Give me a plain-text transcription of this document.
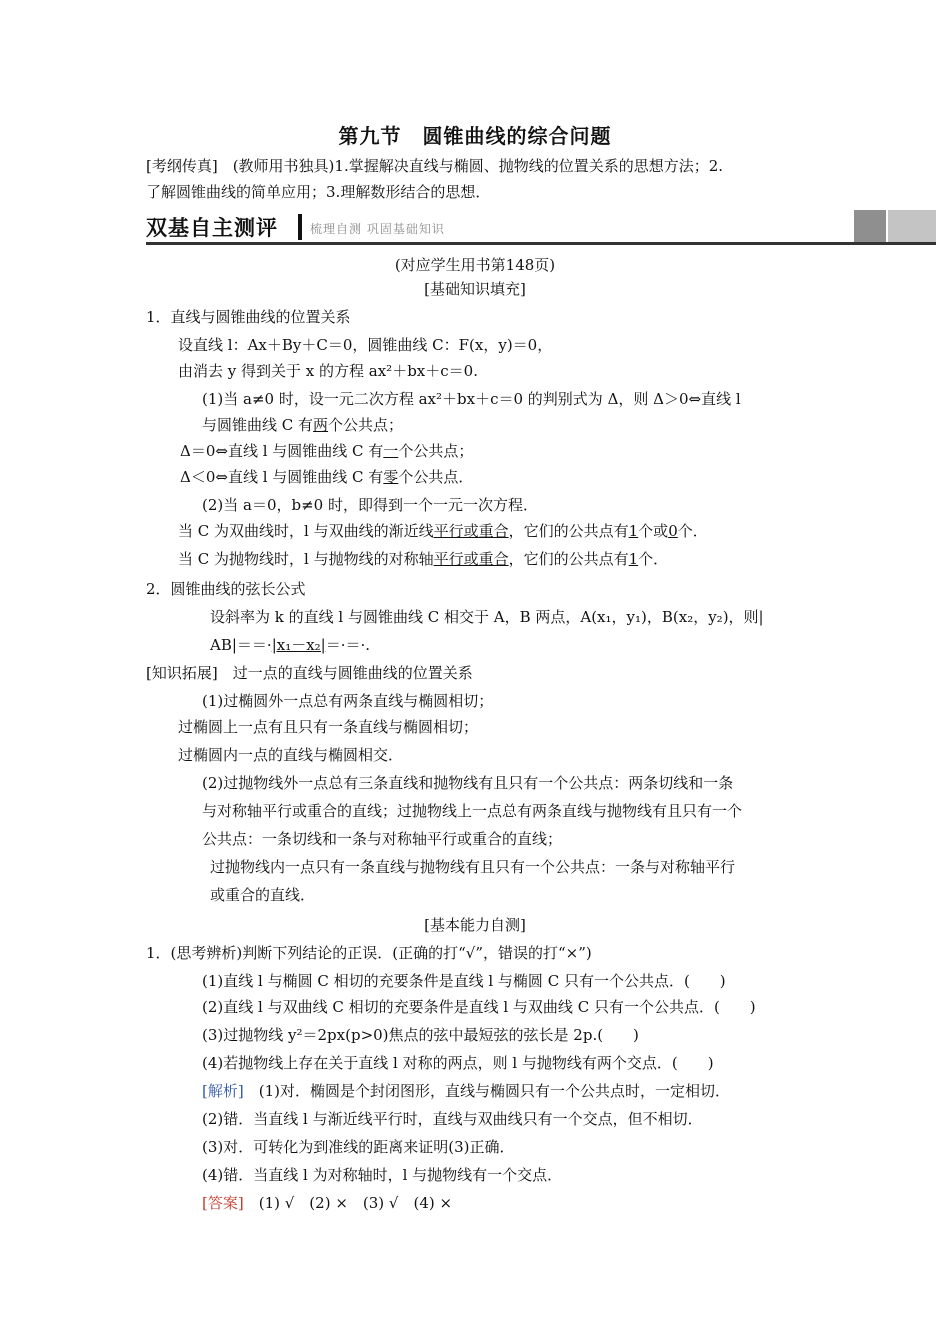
第九节　圆锥曲线的综合问题
[考纲传真]　(教师用书独具)1.掌握解决直线与椭圆、抛物线的位置关系的思想方法；2.
了解圆锥曲线的简单应用；3.理解数形结合的思想．
双基自主测评	梳理自测 巩固基础知识
(对应学生用书第148页)
[基础知识填充]
1．直线与圆锥曲线的位置关系
设直线 l：Ax＋By＋C＝0，圆锥曲线 C：F(x，y)＝0，
由消去 y 得到关于 x 的方程 ax²＋bx＋c＝0.
(1)当 a≠0 时，设一元二次方程 ax²＋bx＋c＝0 的判别式为 Δ，则 Δ＞0⇔直线 l
与圆锥曲线 C 有两个公共点；
Δ＝0⇔直线 l 与圆锥曲线 C 有一个公共点；
Δ＜0⇔直线 l 与圆锥曲线 C 有零个公共点．
(2)当 a＝0，b≠0 时，即得到一个一元一次方程．
当 C 为双曲线时，l 与双曲线的渐近线平行或重合，它们的公共点有1个或0个．
当 C 为抛物线时，l 与抛物线的对称轴平行或重合，它们的公共点有1个．
2．圆锥曲线的弦长公式
设斜率为 k 的直线 l 与圆锥曲线 C 相交于 A，B 两点，A(x₁，y₁)，B(x₂，y₂)，则|
AB|＝＝·|x₁－x₂|＝·＝·.
[知识拓展]　过一点的直线与圆锥曲线的位置关系
(1)过椭圆外一点总有两条直线与椭圆相切；
过椭圆上一点有且只有一条直线与椭圆相切；
过椭圆内一点的直线与椭圆相交．
(2)过抛物线外一点总有三条直线和抛物线有且只有一个公共点：两条切线和一条
与对称轴平行或重合的直线；过抛物线上一点总有两条直线与抛物线有且只有一个
公共点：一条切线和一条与对称轴平行或重合的直线；
过抛物线内一点只有一条直线与抛物线有且只有一个公共点：一条与对称轴平行
或重合的直线．
[基本能力自测]
1．(思考辨析)判断下列结论的正误．(正确的打“√”，错误的打“×”)
(1)直线 l 与椭圆 C 相切的充要条件是直线 l 与椭圆 C 只有一个公共点．(　　)
(2)直线 l 与双曲线 C 相切的充要条件是直线 l 与双曲线 C 只有一个公共点．(　　)
(3)过抛物线 y²＝2px(p>0)焦点的弦中最短弦的弦长是 2p.(　　)
(4)若抛物线上存在关于直线 l 对称的两点，则 l 与抛物线有两个交点．(　　)
[解析]　 (1)对．椭圆是个封闭图形，直线与椭圆只有一个公共点时，一定相切．
(2)错．当直线 l 与渐近线平行时，直线与双曲线只有一个交点，但不相切．
(3)对．可转化为到准线的距离来证明(3)正确．
(4)错．当直线 l 为对称轴时，l 与抛物线有一个交点．
[答案]　 (1) √　(2) ×　(3) √　(4) ×
